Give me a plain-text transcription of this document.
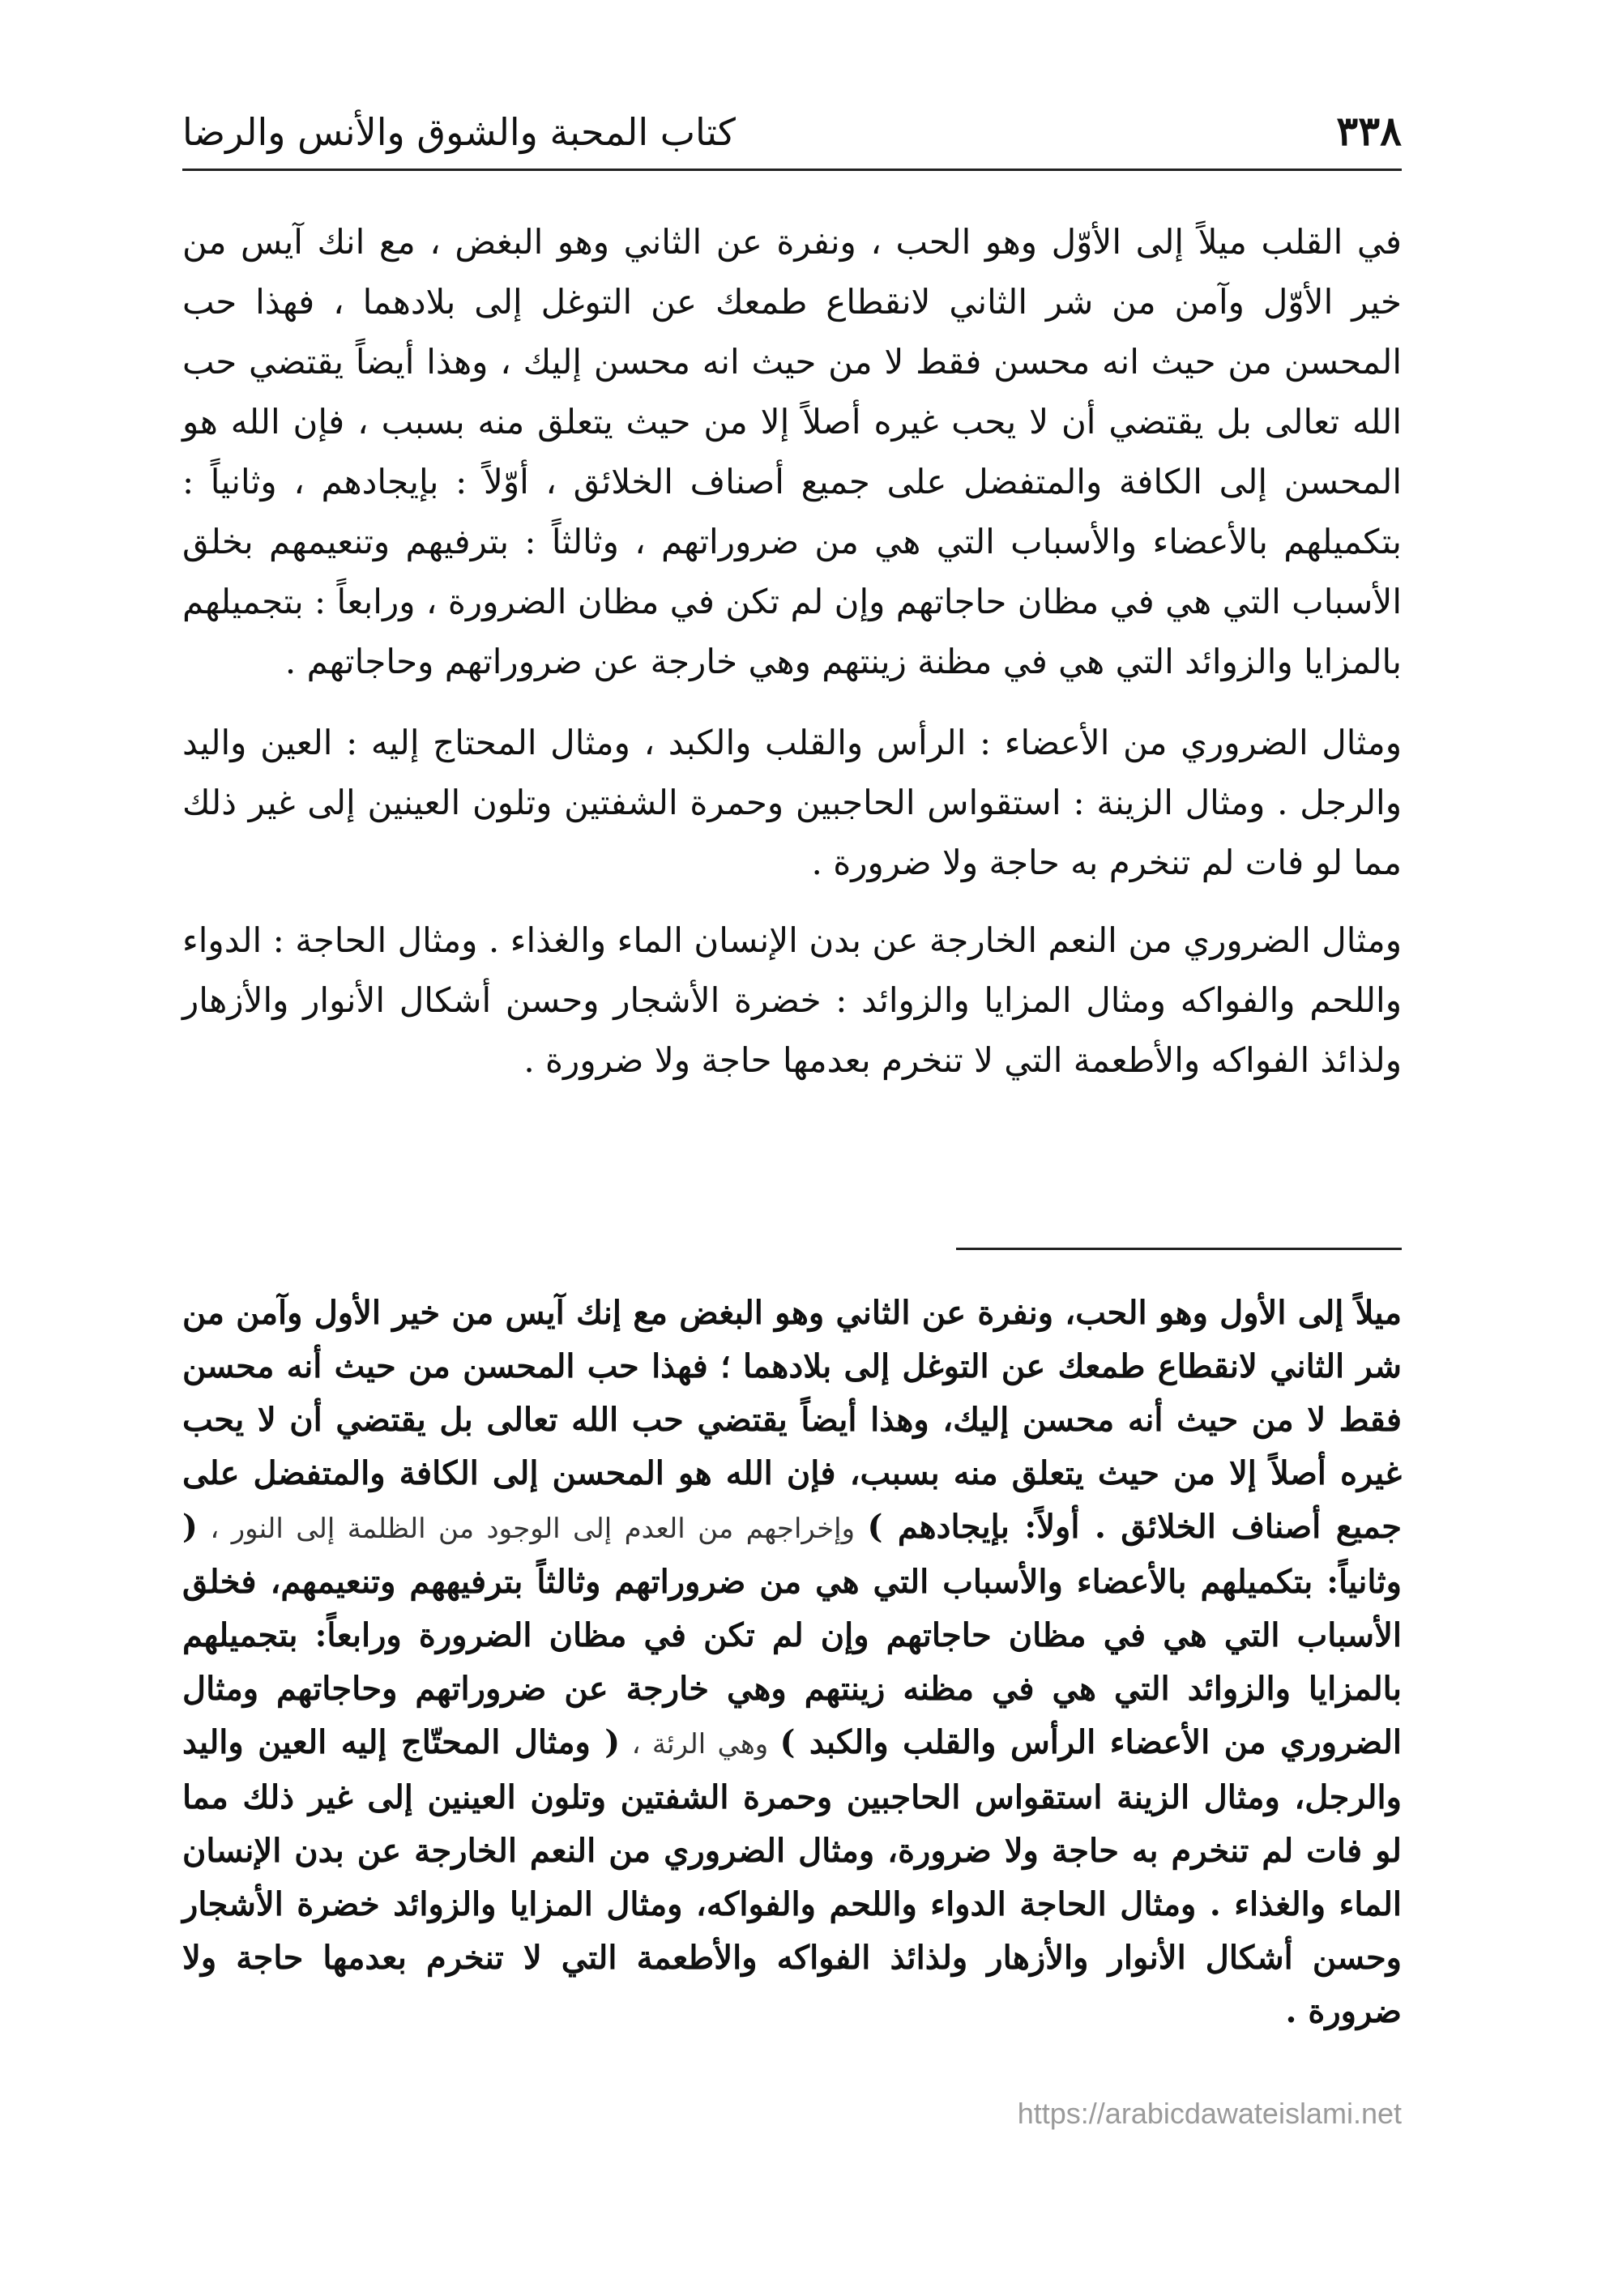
كتاب المحبة والشوق والأنس والرضا	٣٣٨

في القلب ميلاً إلى الأوّل وهو الحب ، ونفرة عن الثاني وهو البغض ، مع انك آيس من خير الأوّل وآمن من شر الثاني لانقطاع طمعك عن التوغل إلى بلادهما ، فهذا حب المحسن من حيث انه محسن فقط لا من حيث انه محسن إليك ، وهذا أيضاً يقتضي حب الله تعالى بل يقتضي أن لا يحب غيره أصلاً إلا من حيث يتعلق منه بسبب ، فإن الله هو المحسن إلى الكافة والمتفضل على جميع أصناف الخلائق ، أوّلاً : بإيجادهم ، وثانياً : بتكميلهم بالأعضاء والأسباب التي هي من ضروراتهم ، وثالثاً : بترفيهم وتنعيمهم بخلق الأسباب التي هي في مظان حاجاتهم وإن لم تكن في مظان الضرورة ، ورابعاً : بتجميلهم بالمزايا والزوائد التي هي في مظنة زينتهم وهي خارجة عن ضروراتهم وحاجاتهم .

ومثال الضروري من الأعضاء : الرأس والقلب والكبد ، ومثال المحتاج إليه : العين واليد والرجل . ومثال الزينة : استقواس الحاجبين وحمرة الشفتين وتلون العينين إلى غير ذلك مما لو فات لم تنخرم به حاجة ولا ضرورة .

ومثال الضروري من النعم الخارجة عن بدن الإنسان الماء والغذاء . ومثال الحاجة : الدواء واللحم والفواكه ومثال المزايا والزوائد : خضرة الأشجار وحسن أشكال الأنوار والأزهار ولذائذ الفواكه والأطعمة التي لا تنخرم بعدمها حاجة ولا ضرورة .

ميلاً إلى الأول وهو الحب، ونفرة عن الثاني وهو البغض مع إنك آيس من خير الأول وآمن من شر الثاني لانقطاع طمعك عن التوغل إلى بلادهما ؛ فهذا حب المحسن من حيث أنه محسن فقط لا من حيث أنه محسن إليك، وهذا أيضاً يقتضي حب الله تعالى بل يقتضي أن لا يحب غيره أصلاً إلا من حيث يتعلق منه بسبب، فإن الله هو المحسن إلى الكافة والمتفضل على جميع أصناف الخلائق . أولاً: بإيجادهم ) وإخراجهم من العدم إلى الوجود من الظلمة إلى النور ، ( وثانياً: بتكميلهم بالأعضاء والأسباب التي هي من ضروراتهم وثالثاً بترفيههم وتنعيمهم، فخلق الأسباب التي هي في مظان حاجاتهم وإن لم تكن في مظان الضرورة ورابعاً: بتجميلهم بالمزايا والزوائد التي هي في مظنه زينتهم وهي خارجة عن ضروراتهم وحاجاتهم ومثال الضروري من الأعضاء الرأس والقلب والكبد ) وهي الرئة ، ( ومثال المحتّاج إليه العين واليد والرجل، ومثال الزينة استقواس الحاجبين وحمرة الشفتين وتلون العينين إلى غير ذلك مما لو فات لم تنخرم به حاجة ولا ضرورة، ومثال الضروري من النعم الخارجة عن بدن الإنسان الماء والغذاء . ومثال الحاجة الدواء واللحم والفواكه، ومثال المزايا والزوائد خضرة الأشجار وحسن أشكال الأنوار والأزهار ولذائذ الفواكه والأطعمة التي لا تنخرم بعدمها حاجة ولا ضرورة .

https://arabicdawateislami.net
